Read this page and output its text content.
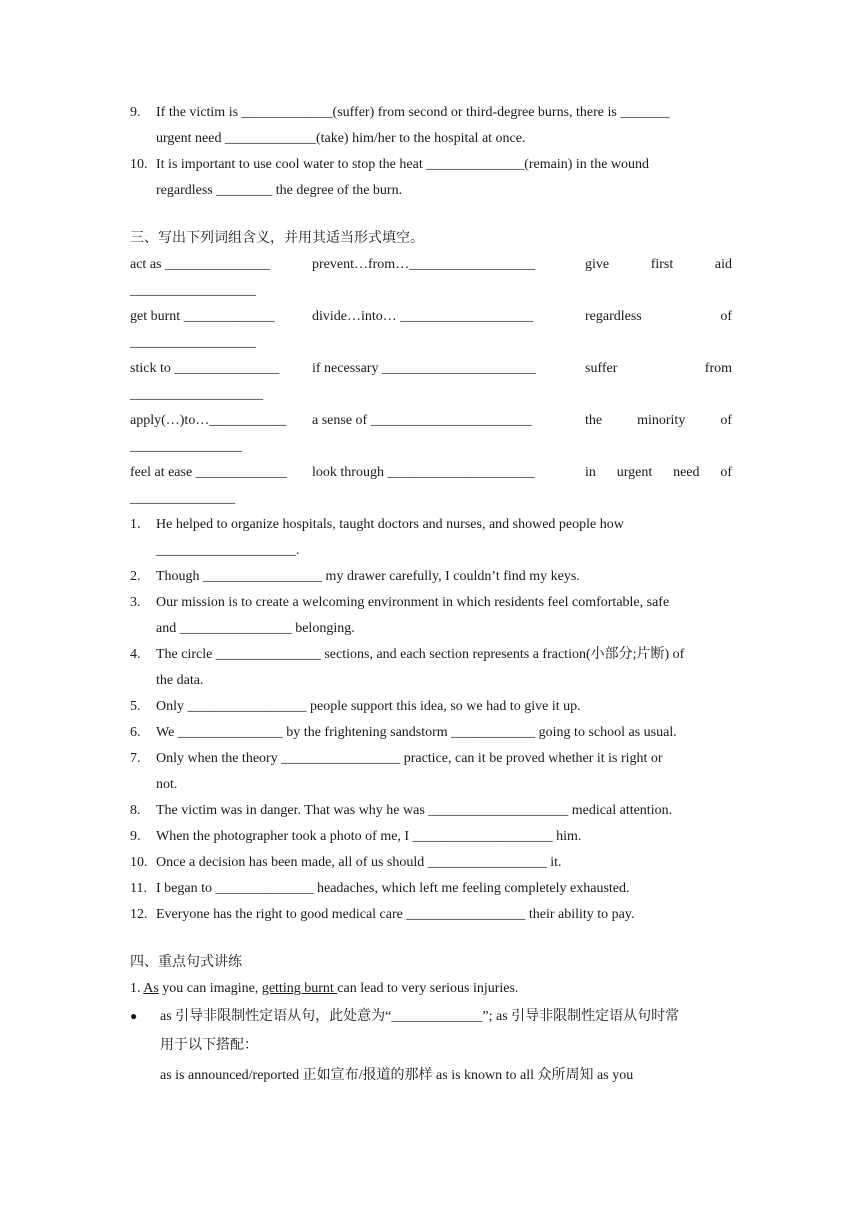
9.	If the victim is _____________(suffer) from second or third-degree burns, there is _______
urgent need _____________(take) him/her to the hospital at once.
10. It is important to use cool water to stop the heat ______________(remain) in the wound
regardless ________ the degree of the burn.
三、写出下列词组含义，并用其适当形式填空。
act as _______________	prevent…from…__________________	give first aid
__________________
get burnt _____________	divide…into… ___________________	regardless of
__________________
stick to _______________	if necessary ______________________	suffer from
___________________
apply(…)to…___________	a sense of _______________________	the minority of
________________
feel at ease _____________	look through _____________________	in urgent need of
_______________
1.	He helped to organize hospitals, taught doctors and nurses, and showed people how
____________________.
2.	Though _________________ my drawer carefully, I couldn’t find my keys.
3.	Our mission is to create a welcoming environment in which residents feel comfortable, safe
and ________________ belonging.
4.	The circle _______________ sections, and each section represents a fraction(小部分;片断) of
the data.
5.	Only _________________ people support this idea, so we had to give it up.
6.	We _______________ by the frightening sandstorm ____________ going to school as usual.
7.	Only when the theory _________________ practice, can it be proved whether it is right or
not.
8.	The victim was in danger. That was why he was ____________________ medical attention.
9.	When the photographer took a photo of me, I ____________________ him.
10. Once a decision has been made, all of us should _________________ it.
11. I began to ______________ headaches, which left me feeling completely exhausted.
12. Everyone has the right to good medical care _________________ their ability to pay.
四、重点句式讲练
1. As you can imagine, getting burnt can lead to very serious injuries.
●	as 引导非限制性定语从句，此处意为“_____________”; as 引导非限制性定语从句时常
用于以下搭配：
as is announced/reported 正如宣布/报道的那样 as is known to all 众所周知 as you
